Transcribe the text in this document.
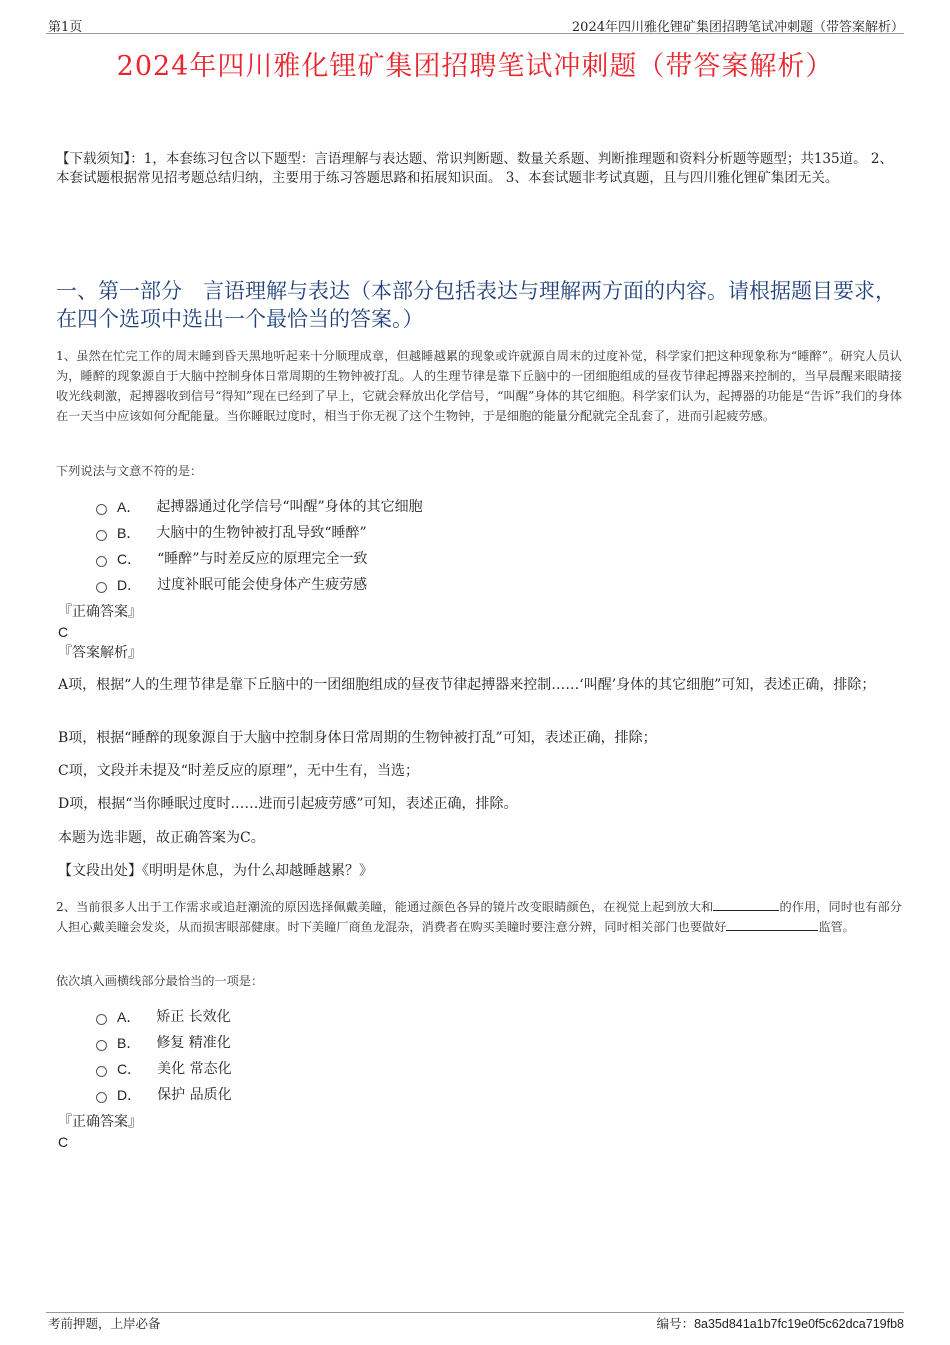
第1页	2024年四川雅化锂矿集团招聘笔试冲刺题（带答案解析）
2024年四川雅化锂矿集团招聘笔试冲刺题（带答案解析）
【下载须知】：1，本套练习包含以下题型：言语理解与表达题、常识判断题、数量关系题、判断推理题和资料分析题等题型；共135道。 2、本套试题根据常见招考题总结归纳，主要用于练习答题思路和拓展知识面。 3、本套试题非考试真题，且与四川雅化锂矿集团无关。
一、第一部分　言语理解与表达（本部分包括表达与理解两方面的内容。请根据题目要求，在四个选项中选出一个最恰当的答案。）
1、虽然在忙完工作的周末睡到昏天黑地听起来十分顺理成章，但越睡越累的现象或许就源自周末的过度补觉，科学家们把这种现象称为“睡醉”。研究人员认为，睡醉的现象源自于大脑中控制身体日常周期的生物钟被打乱。人的生理节律是靠下丘脑中的一团细胞组成的昼夜节律起搏器来控制的，当早晨醒来眼睛接收光线刺激，起搏器收到信号“得知”现在已经到了早上，它就会释放出化学信号，“叫醒”身体的其它细胞。科学家们认为，起搏器的功能是“告诉”我们的身体在一天当中应该如何分配能量。当你睡眠过度时，相当于你无视了这个生物钟，于是细胞的能量分配就完全乱套了，进而引起疲劳感。
下列说法与文意不符的是：
A． 起搏器通过化学信号“叫醒”身体的其它细胞
B． 大脑中的生物钟被打乱导致“睡醉”
C． “睡醉”与时差反应的原理完全一致
D． 过度补眠可能会使身体产生疲劳感
『正确答案』
C
『答案解析』
A项，根据“人的生理节律是靠下丘脑中的一团细胞组成的昼夜节律起搏器来控制……‘叫醒’身体的其它细胞”可知，表述正确，排除；
B项，根据“睡醉的现象源自于大脑中控制身体日常周期的生物钟被打乱”可知，表述正确，排除；
C项，文段并未提及“时差反应的原理”，无中生有，当选；
D项，根据“当你睡眠过度时……进而引起疲劳感”可知，表述正确，排除。
本题为选非题，故正确答案为C。
【文段出处】《明明是休息，为什么却越睡越累？》
2、当前很多人出于工作需求或追赶潮流的原因选择佩戴美瞳，能通过颜色各异的镜片改变眼睛颜色，在视觉上起到放大和	的作用，同时也有部分人担心戴美瞳会发炎，从而损害眼部健康。时下美瞳厂商鱼龙混杂，消费者在购买美瞳时要注意分辨，同时相关部门也要做好	监管。
依次填入画横线部分最恰当的一项是：
A． 矫正 长效化
B． 修复 精准化
C． 美化 常态化
D． 保护 品质化
『正确答案』
C
考前押题，上岸必备	编号：8a35d841a1b7fc19e0f5c62dca719fb8
